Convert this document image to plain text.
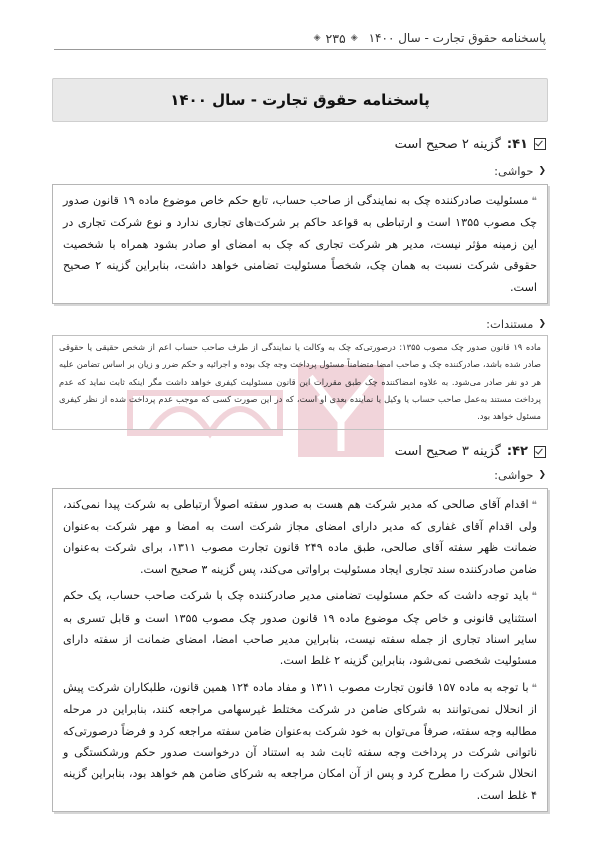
پاسخنامه حقوق تجارت - سال ۱۴۰۰
◈
۲۳۵
◈
پاسخنامه حقوق تجارت - سال ۱۴۰۰
۴۱:
گزینه ۲ صحیح است
❮
حواشی:

❝مسئولیت صادرکننده چک به نمایندگی از صاحب حساب، تابع حکم خاص موضوع ماده ۱۹ قانون صدور چک مصوب ۱۳۵۵ است و ارتباطی به قواعد حاکم بر شرکت‌های تجاری ندارد و نوع شرکت تجاری در این زمینه مؤثر نیست، مدیر هر شرکت تجاری که چک به امضای او صادر بشود همراه با شخصیت حقوقی شرکت نسبت به همان چک، شخصاً مسئولیت تضامنی خواهد داشت، بنابراین گزینه ۲ صحیح است.

❮
مستندات:
ماده ۱۹ قانون صدور چک مصوب ۱۳۵۵: درصورتی‌که چک به وکالت یا نمایندگی از طرف صاحب حساب اعم از شخص حقیقی یا حقوقی صادر شده باشد، صادرکننده چک و صاحب امضا متضامناً مسئول پرداخت وجه چک بوده و اجرائیه و حکم ضرر و زیان بر اساس تضامن علیه هر دو نفر صادر می‌شود. به علاوه امضاکننده چک طبق مقررات این قانون مسئولیت کیفری خواهد داشت مگر اینکه ثابت نماید که عدم پرداخت مستند به‌عمل صاحب حساب یا وکیل یا نماینده بعدی او است، که در این صورت کسی که موجب عدم پرداخت شده از نظر کیفری مسئول خواهد بود.
۴۲:
گزینه ۳ صحیح است
❮
حواشی:

❝اقدام آقای صالحی که مدیر شرکت هم هست به صدور سفته اصولاً ارتباطی به شرکت پیدا نمی‌کند، ولی اقدام آقای غفاری که مدیر دارای امضای مجاز شرکت است به امضا و مهر شرکت به‌عنوان ضمانت ظهر سفته آقای صالحی، طبق ماده ۲۴۹ قانون تجارت مصوب ۱۳۱۱، برای شرکت به‌عنوان ضامن صادرکننده سند تجاری ایجاد مسئولیت براواتی می‌کند، پس گزینه ۳ صحیح است.

❝باید توجه داشت که حکم مسئولیت تضامنی مدیر صادرکننده چک با شرکت صاحب حساب، یک حکم استثنایی قانونی و خاص چک موضوع ماده ۱۹ قانون صدور چک مصوب ۱۳۵۵ است و قابل تسری به سایر اسناد تجاری از جمله سفته نیست، بنابراین مدیر صاحب امضا، امضای ضمانت از سفته دارای مسئولیت شخصی نمی‌شود، بنابراین گزینه ۲ غلط است.

❝با توجه به ماده ۱۵۷ قانون تجارت مصوب ۱۳۱۱ و مفاد ماده ۱۲۴ همین قانون، طلبکاران شرکت پیش از انحلال نمی‌توانند به شرکای ضامن در شرکت مختلط غیرسهامی مراجعه کنند، بنابراین در مرحله مطالبه وجه سفته، صرفاً می‌توان به خود شرکت به‌عنوان ضامن سفته مراجعه کرد و فرضاً درصورتی‌که ناتوانی شرکت در پرداخت وجه سفته ثابت شد به استناد آن درخواست صدور حکم ورشکستگی و انحلال شرکت را مطرح کرد و پس از آن امکان مراجعه به شرکای ضامن هم خواهد بود، بنابراین گزینه ۴ غلط است.
